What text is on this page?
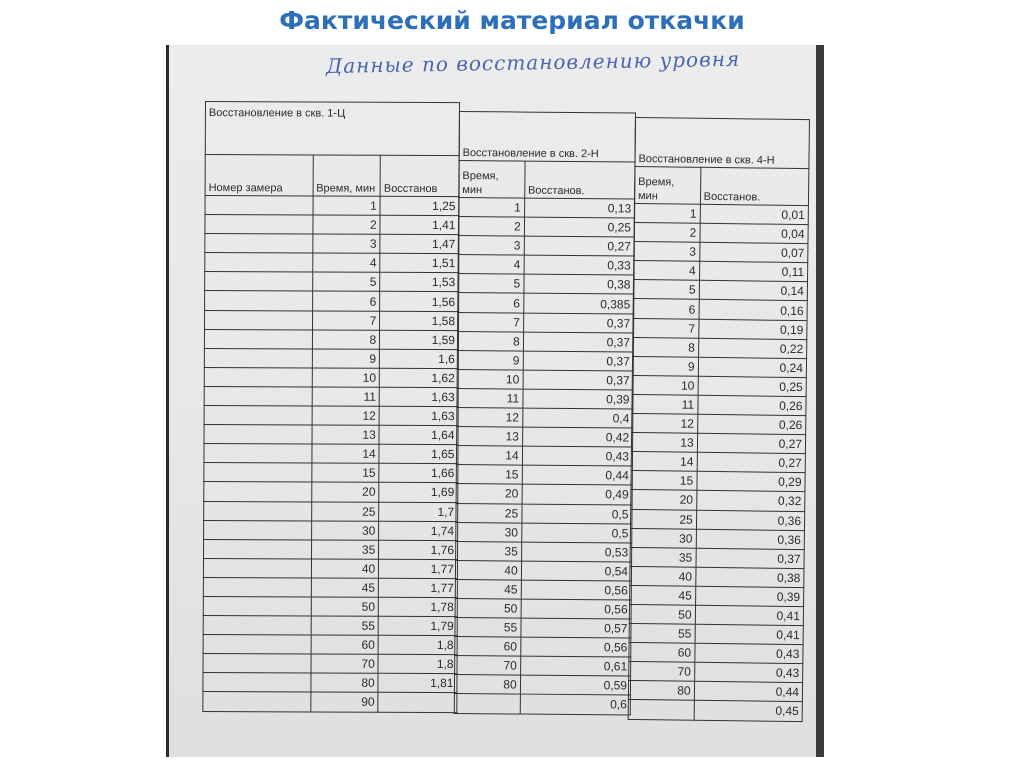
Фактический материал откачки
Данные по восстановлению уровня
Восстановление в скв. 1-Ц		
Номер замера	Время, мин	Восстанов
	1	1,25
	2	1,41
	3	1,47
	4	1,51
	5	1,53
	6	1,56
	7	1,58
	8	1,59
	9	1,6
	10	1,62
	11	1,63
	12	1,63
	13	1,64
	14	1,65
	15	1,66
	20	1,69
	25	1,7
	30	1,74
	35	1,76
	40	1,77
	45	1,77
	50	1,78
	55	1,79
	60	1,8
	70	1,8
	80	1,81
	90	
Восстановление в скв. 2-Н	
Время, мин	Восстанов.
1	0,13
2	0,25
3	0,27
4	0,33
5	0,38
6	0,385
7	0,37
8	0,37
9	0,37
10	0,37
11	0,39
12	0,4
13	0,42
14	0,43
15	0,44
20	0,49
25	0,5
30	0,5
35	0,53
40	0,54
45	0,56
50	0,56
55	0,57
60	0,56
70	0,61
80	0,59
	0,6
Восстановление в скв. 4-Н	
Время, мин	Восстанов.
1	0,01
2	0,04
3	0,07
4	0,11
5	0,14
6	0,16
7	0,19
8	0,22
9	0,24
10	0,25
11	0,26
12	0,26
13	0,27
14	0,27
15	0,29
20	0,32
25	0,36
30	0,36
35	0,37
40	0,38
45	0,39
50	0,41
55	0,41
60	0,43
70	0,43
80	0,44
	0,45
